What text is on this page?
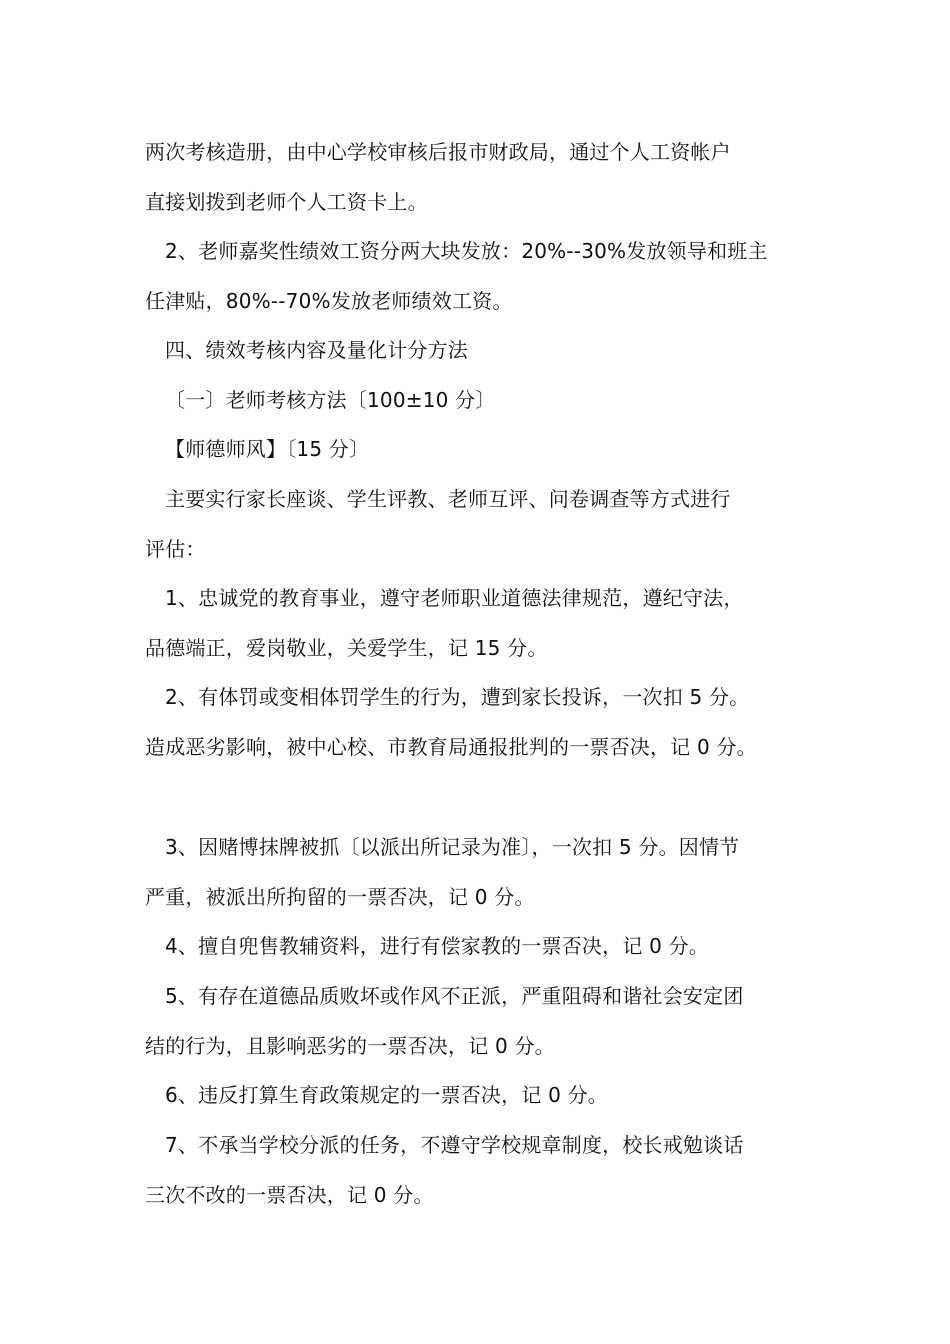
两次考核造册，由中心学校审核后报市财政局，通过个人工资帐户
直接划拨到老师个人工资卡上。

2、老师嘉奖性绩效工资分两大块发放：20%--30%发放领导和班主
任津贴，80%--70%发放老师绩效工资。

四、绩效考核内容及量化计分方法

〔一〕老师考核方法〔100±10 分〕

【师德师风】〔15 分〕

主要实行家长座谈、学生评教、老师互评、问卷调查等方式进行
评估：

1、忠诚党的教育事业，遵守老师职业道德法律规范，遵纪守法，
品德端正，爱岗敬业，关爱学生，记 15 分。

2、有体罚或变相体罚学生的行为，遭到家长投诉，一次扣 5 分。
造成恶劣影响，被中心校、市教育局通报批判的一票否决，记 0 分。

3、因赌博抹牌被抓〔以派出所记录为准〕，一次扣 5 分。因情节
严重，被派出所拘留的一票否决，记 0 分。

4、擅自兜售教辅资料，进行有偿家教的一票否决，记 0 分。

5、有存在道德品质败坏或作风不正派，严重阻碍和谐社会安定团
结的行为，且影响恶劣的一票否决，记 0 分。

6、违反打算生育政策规定的一票否决，记 0 分。

7、不承当学校分派的任务，不遵守学校规章制度，校长戒勉谈话
三次不改的一票否决，记 0 分。
